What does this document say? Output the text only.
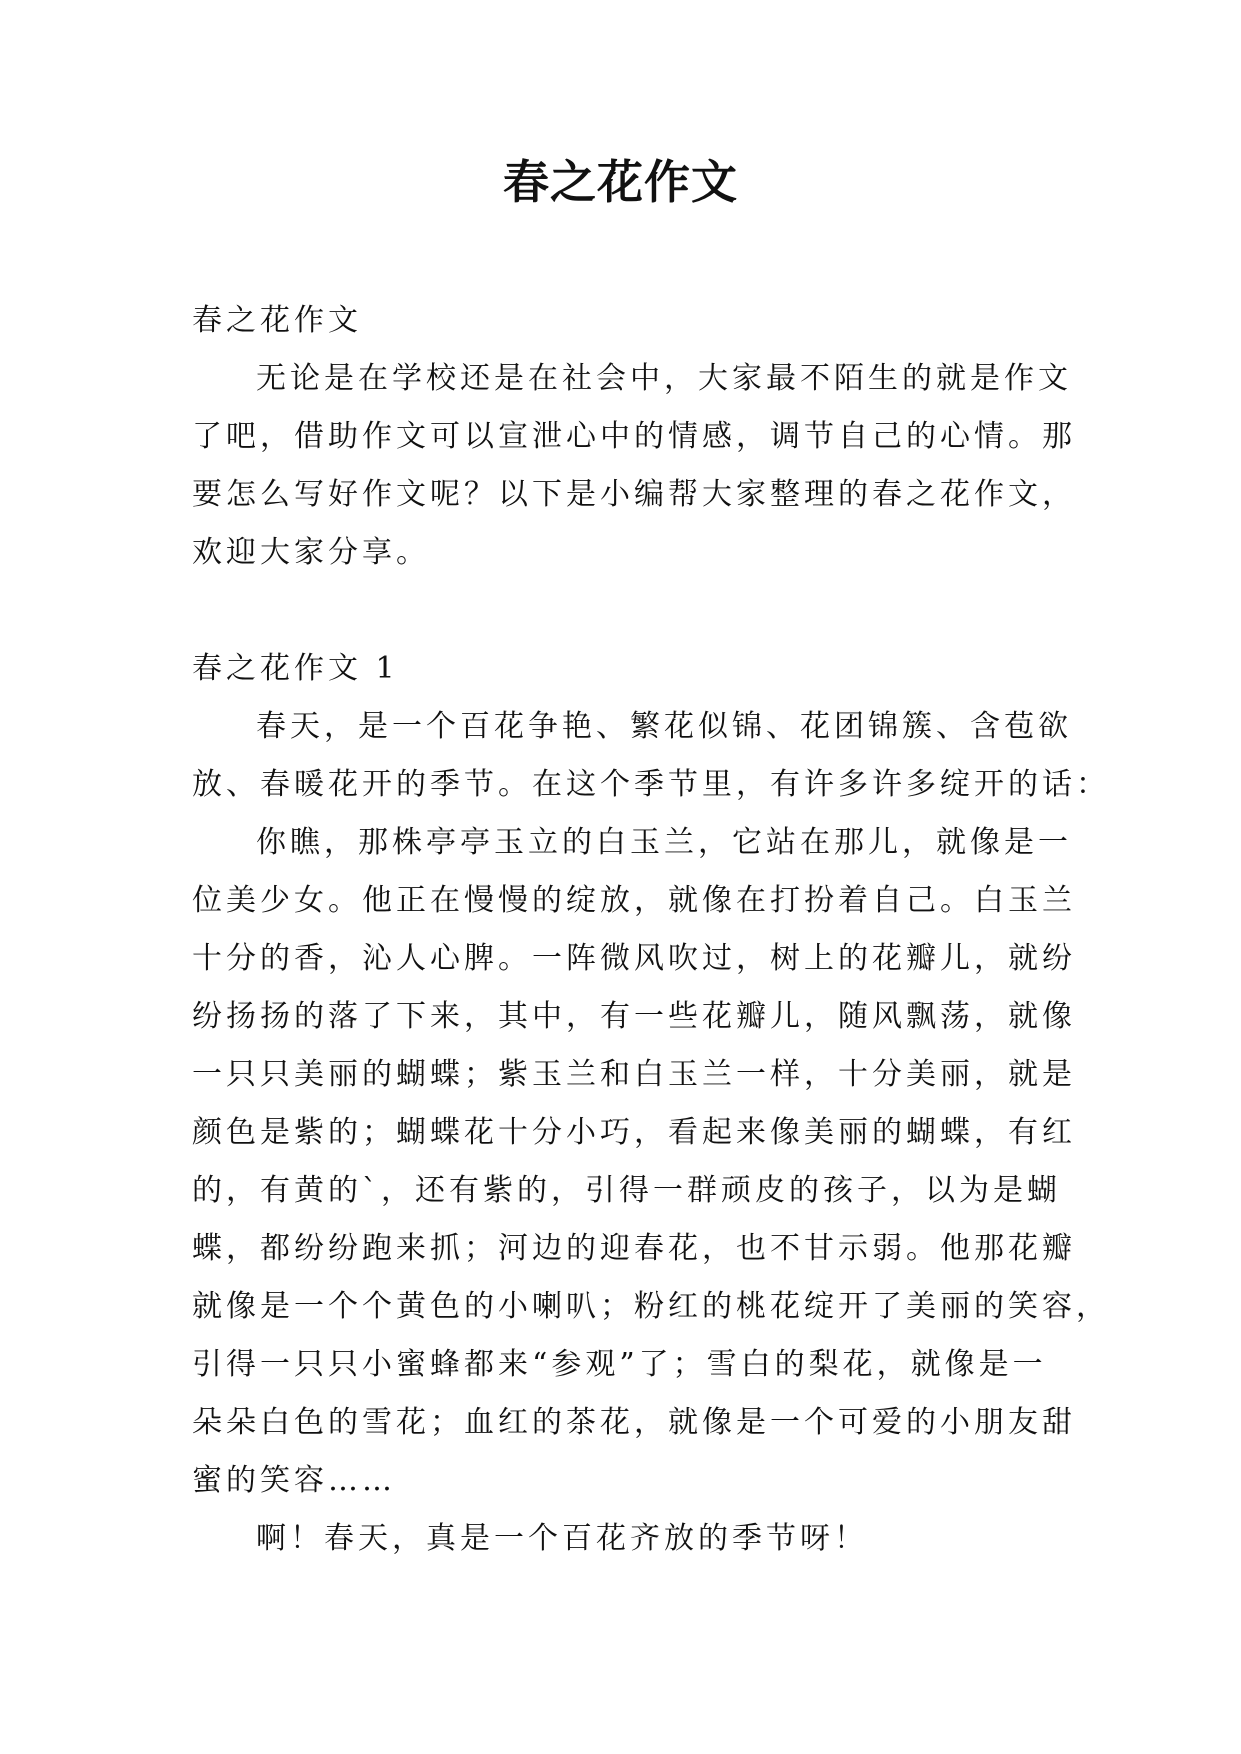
春之花作文
春之花作文
无论是在学校还是在社会中，大家最不陌生的就是作文
了吧，借助作文可以宣泄心中的情感，调节自己的心情。那
要怎么写好作文呢？以下是小编帮大家整理的春之花作文，
欢迎大家分享。
春之花作文 1
春天，是一个百花争艳、繁花似锦、花团锦簇、含苞欲
放、春暖花开的季节。在这个季节里，有许多许多绽开的话：
你瞧，那株亭亭玉立的白玉兰，它站在那儿，就像是一
位美少女。他正在慢慢的绽放，就像在打扮着自己。白玉兰
十分的香，沁人心脾。一阵微风吹过，树上的花瓣儿，就纷
纷扬扬的落了下来，其中，有一些花瓣儿，随风飘荡，就像
一只只美丽的蝴蝶；紫玉兰和白玉兰一样，十分美丽，就是
颜色是紫的；蝴蝶花十分小巧，看起来像美丽的蝴蝶，有红
的，有黄的`，还有紫的，引得一群顽皮的孩子，以为是蝴
蝶，都纷纷跑来抓；河边的迎春花，也不甘示弱。他那花瓣
就像是一个个黄色的小喇叭；粉红的桃花绽开了美丽的笑容，
引得一只只小蜜蜂都来“参观”了；雪白的梨花，就像是一
朵朵白色的雪花；血红的茶花，就像是一个可爱的小朋友甜
蜜的笑容……
啊！春天，真是一个百花齐放的季节呀！
